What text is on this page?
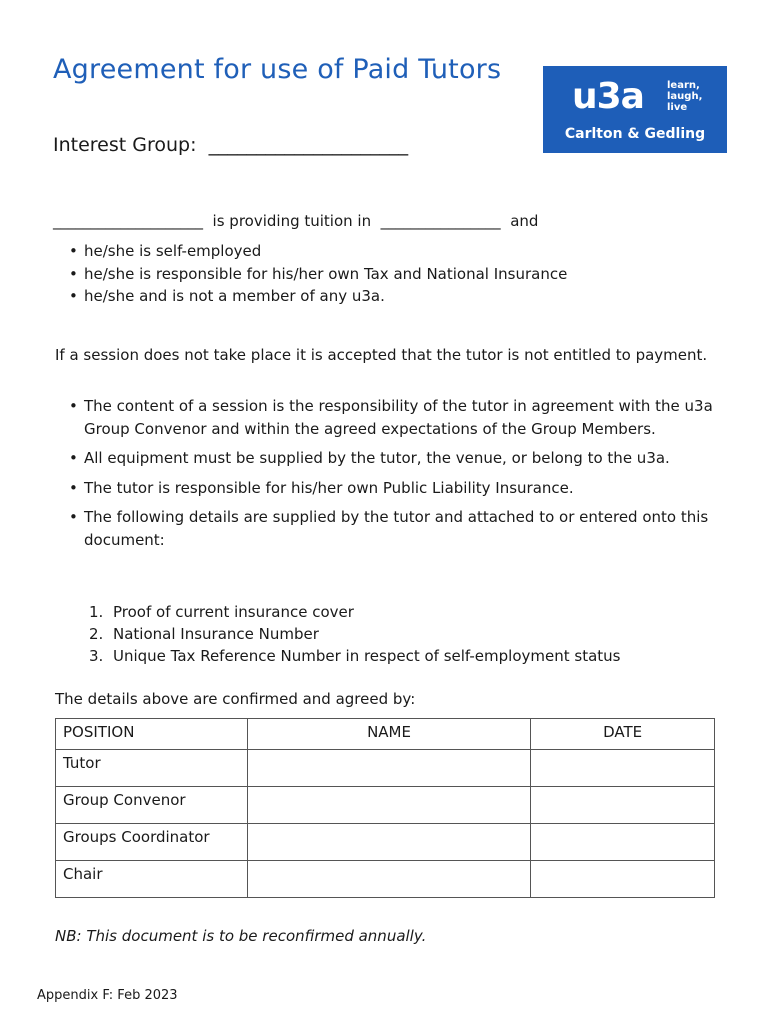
Agreement for use of Paid Tutors
u3a learn,
laugh,
live
Carlton & Gedling
Interest Group: _____________________
____________________ is providing tuition in ________________ and
• he/she is self-employed
• he/she is responsible for his/her own Tax and National Insurance
• he/she and is not a member of any u3a.

If a session does not take place it is accepted that the tutor is not entitled to payment.

• The content of a session is the responsibility of the tutor in agreement with the u3a Group Convenor and within the agreed expectations of the Group Members.
• All equipment must be supplied by the tutor, the venue, or belong to the u3a.
• The tutor is responsible for his/her own Public Liability Insurance.
• The following details are supplied by the tutor and attached to or entered onto this document:
1. Proof of current insurance cover
2. National Insurance Number
3. Unique Tax Reference Number in respect of self-employment status
The details above are confirmed and agreed by:
POSITION	NAME	DATE
Tutor		
Group Convenor		
Groups Coordinator		
Chair		
NB: This document is to be reconfirmed annually.
Appendix F: Feb 2023
